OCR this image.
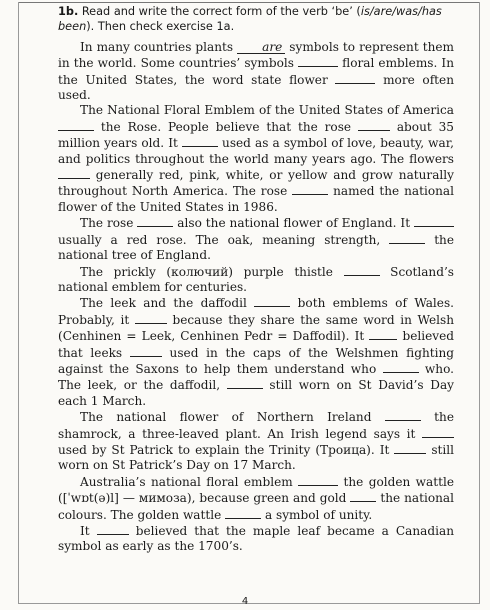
1b. Read and write the correct form of the verb ‘be’ (is/are/was/has been). Then check exercise 1a.

In many countries plants are symbols to represent them in the world. Some countries’ symbols	floral emblems. In the United States, the word state flower	more often used.

The National Floral Emblem of the United States of America  the Rose. People believe that the rose	about 35 million years old. It	used as a symbol of love, beauty, war, and politics throughout the world many years ago. The flowers  generally red, pink, white, or yellow and grow naturally throughout North America. The rose	named the national flower of the United States in 1986.

The rose	also the national flower of England. It  usually a red rose. The oak, meaning strength,	the national tree of England.

The prickly (колючий) purple thistle	Scotland’s national emblem for centuries.

The leek and the daffodil	both emblems of Wales. Probably, it	because they share the same word in Welsh (Cenhinen = Leek, Cenhinen Pedr = Daffodil). It  believed that leeks	used in the caps of the Welshmen fighting against the Saxons to help them understand who	who. The leek, or the daffodil,	still worn on St David’s Day each 1 March.

The national flower of Northern Ireland	the shamrock, a three-leaved plant. An Irish legend says it  used by St Patrick to explain the Trinity (Троица). It	still worn on St Patrick’s Day on 17 March.

Australia’s national floral emblem	the golden wattle ([ˈwɒt(ə)l] — мимоза), because green and gold  the national colours. The golden wattle	a symbol of unity.

It	believed that the maple leaf became a Canadian symbol as early as the 1700’s.

4
